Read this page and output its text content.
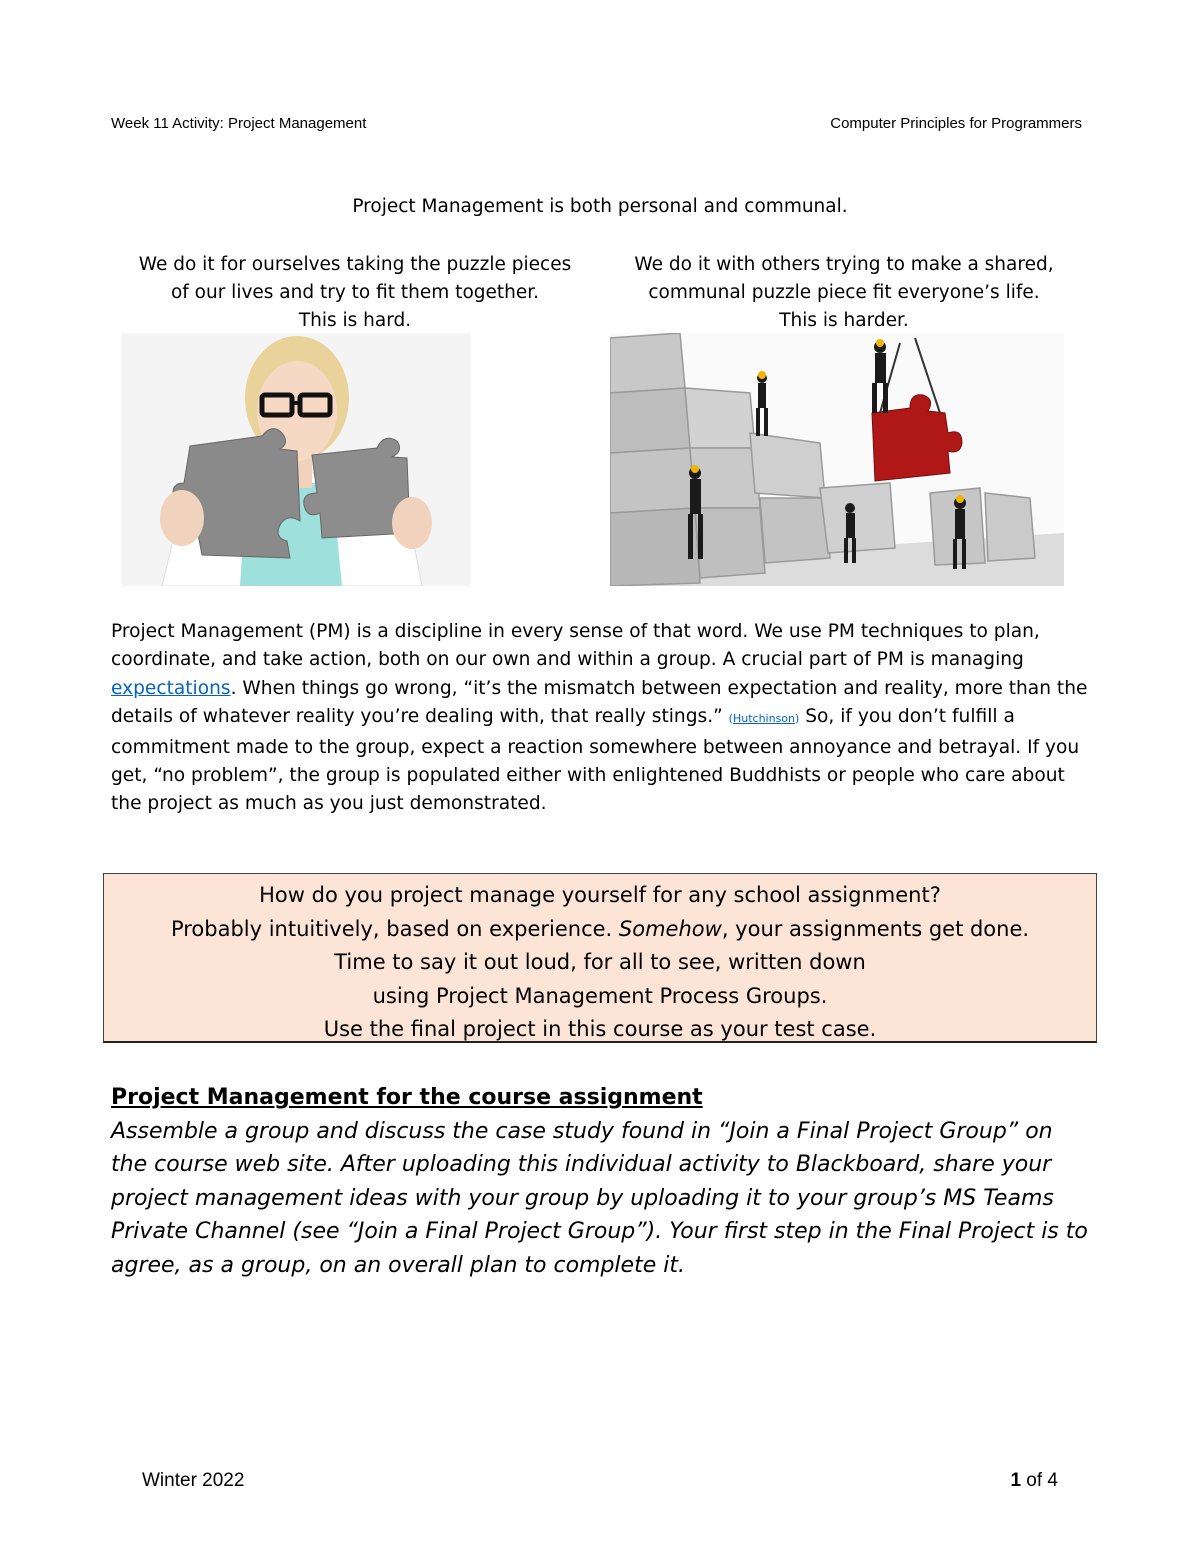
Week 11 Activity: Project Management	Computer Principles for Programmers
Project Management is both personal and communal.
We do it for ourselves taking the puzzle pieces
of our lives and try to fit them together.
This is hard.
We do it with others trying to make a shared,
communal puzzle piece fit everyone’s life.
This is harder.
Project Management (PM) is a discipline in every sense of that word. We use PM techniques to plan, coordinate, and take action, both on our own and within a group. A crucial part of PM is managing expectations. When things go wrong, “it’s the mismatch between expectation and reality, more than the details of whatever reality you’re dealing with, that really stings.” (Hutchinson) So, if you don’t fulfill a commitment made to the group, expect a reaction somewhere between annoyance and betrayal. If you get, “no problem”, the group is populated either with enlightened Buddhists or people who care about the project as much as you just demonstrated.
How do you project manage yourself for any school assignment?
Probably intuitively, based on experience. Somehow, your assignments get done.
Time to say it out loud, for all to see, written down
using Project Management Process Groups.
Use the final project in this course as your test case.
Project Management for the course assignment
Assemble a group and discuss the case study found in “Join a Final Project Group” on the course web site. After uploading this individual activity to Blackboard, share your project management ideas with your group by uploading it to your group’s MS Teams Private Channel (see “Join a Final Project Group”). Your first step in the Final Project is to agree, as a group, on an overall plan to complete it.
Winter 2022	1 of 4
